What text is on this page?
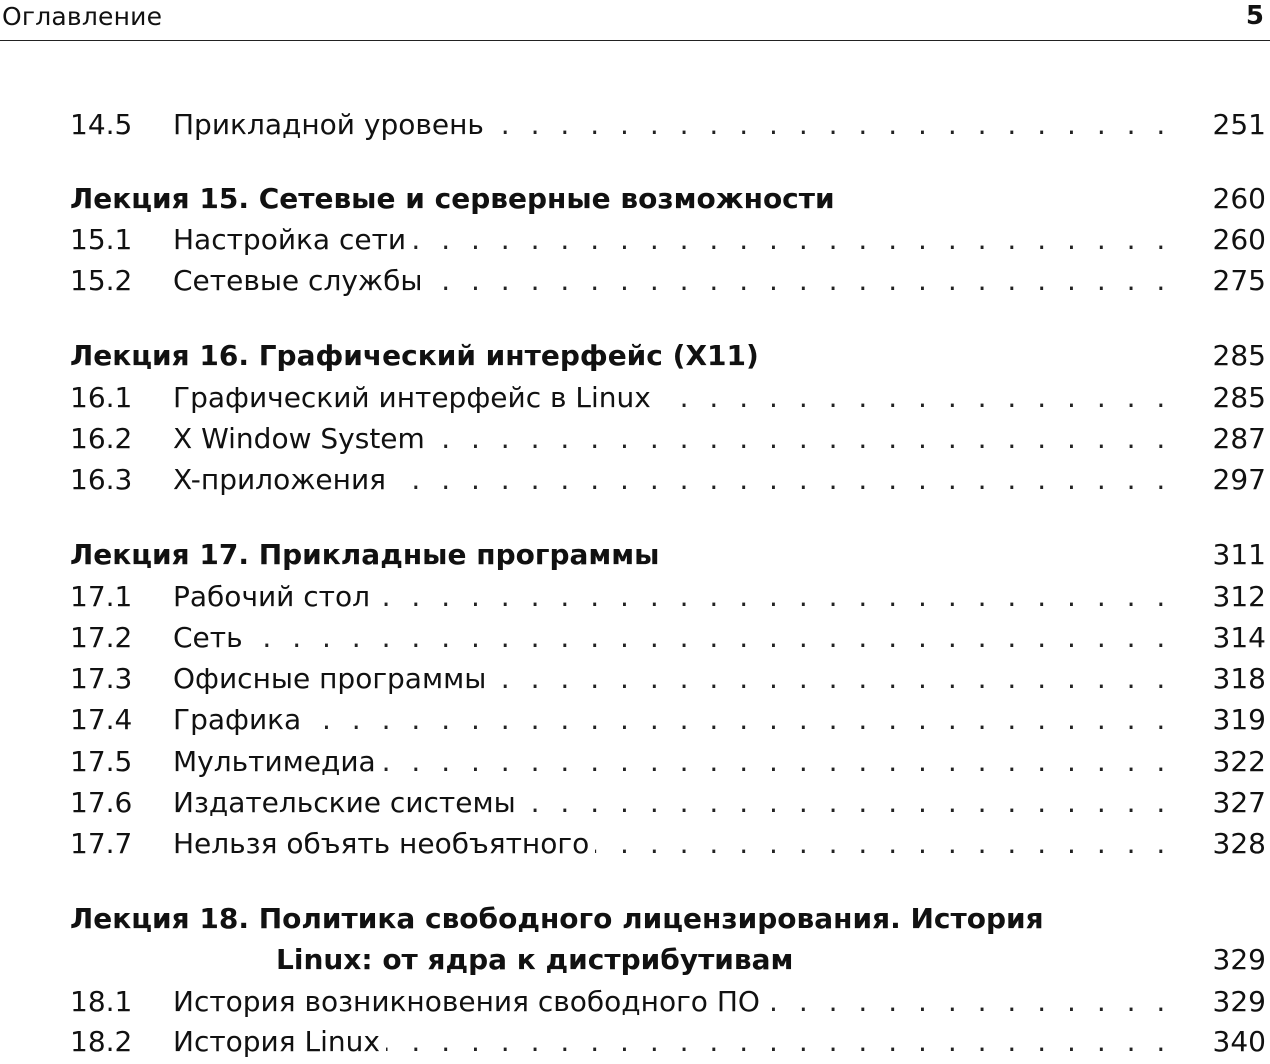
Оглавление	5
14.5 . . . Прикладной уровень	251
Лекция 15. Сетевые и серверные возможности	260
15.1 . . . Настройка сети	260
15.2 . . . Сетевые службы	275
Лекция 16. Графический интерфейс (X11)	285
16.1 . . . Графический интерфейс в Linux	285
16.2 . . . X Window System	287
16.3 . . . X-приложения	297
Лекция 17. Прикладные программы	311
17.1 . . . Рабочий стол	312
17.2 . . . Сеть	314
17.3 . . . Офисные программы	318
17.4 . . . Графика	319
17.5 . . . Мультимедиа	322
17.6 . . . Издательские системы	327
17.7 . . . Нельзя объять необъятного	328
Лекция 18. Политика свободного лицензирования. История
Linux: от ядра к дистрибутивам	329
18.1 . . . История возникновения свободного ПО	329
18.2 . . . История Linux	340
